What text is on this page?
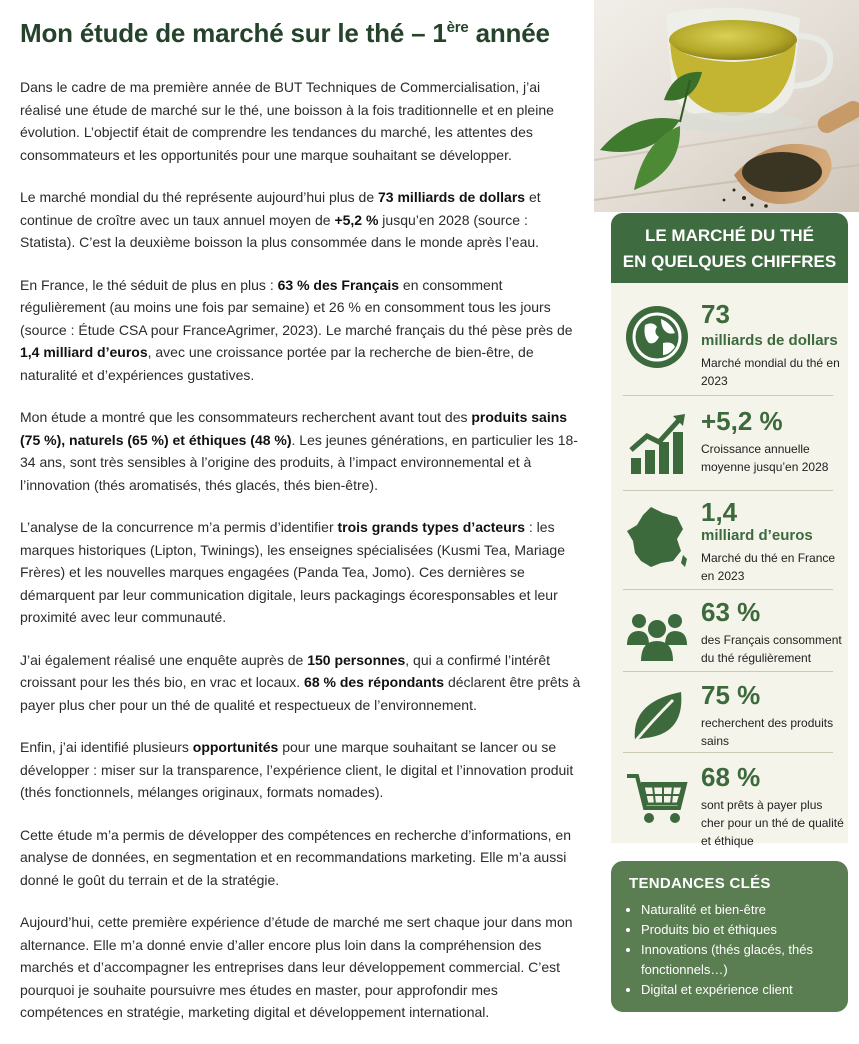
Mon étude de marché sur le thé – 1ère année

Dans le cadre de ma première année de BUT Techniques de Commercialisation, j’ai réalisé une étude de marché sur le thé, une boisson à la fois traditionnelle et en pleine évolution. L’objectif était de comprendre les tendances du marché, les attentes des consommateurs et les opportunités pour une marque souhaitant se développer.

Le marché mondial du thé représente aujourd’hui plus de 73 milliards de dollars et continue de croître avec un taux annuel moyen de +5,2 % jusqu’en 2028 (source : Statista). C’est la deuxième boisson la plus consommée dans le monde après l’eau.

En France, le thé séduit de plus en plus : 63 % des Français en consomment régulièrement (au moins une fois par semaine) et 26 % en consomment tous les jours (source : Étude CSA pour FranceAgrimer, 2023). Le marché français du thé pèse près de 1,4 milliard d’euros, avec une croissance portée par la recherche de bien-être, de naturalité et d’expériences gustatives.

Mon étude a montré que les consommateurs recherchent avant tout des produits sains (75 %), naturels (65 %) et éthiques (48 %). Les jeunes générations, en particulier les 18-34 ans, sont très sensibles à l’origine des produits, à l’impact environnemental et à l’innovation (thés aromatisés, thés glacés, thés bien-être).

L’analyse de la concurrence m’a permis d’identifier trois grands types d’acteurs : les marques historiques (Lipton, Twinings), les enseignes spécialisées (Kusmi Tea, Mariage Frères) et les nouvelles marques engagées (Panda Tea, Jomo). Ces dernières se démarquent par leur communication digitale, leurs packagings écoresponsables et leur proximité avec leur communauté.

J’ai également réalisé une enquête auprès de 150 personnes, qui a confirmé l’intérêt croissant pour les thés bio, en vrac et locaux. 68 % des répondants déclarent être prêts à payer plus cher pour un thé de qualité et respectueux de l’environnement.

Enfin, j’ai identifié plusieurs opportunités pour une marque souhaitant se lancer ou se développer : miser sur la transparence, l’expérience client, le digital et l’innovation produit (thés fonctionnels, mélanges originaux, formats nomades).

Cette étude m’a permis de développer des compétences en recherche d’informations, en analyse de données, en segmentation et en recommandations marketing. Elle m’a aussi donné le goût du terrain et de la stratégie.

Aujourd’hui, cette première expérience d’étude de marché me sert chaque jour dans mon alternance. Elle m’a donné envie d’aller encore plus loin dans la compréhension des marchés et d’accompagner les entreprises dans leur développement commercial. C’est pourquoi je souhaite poursuivre mes études en master, pour approfondir mes compétences en stratégie, marketing digital et développement international.

LE MARCHÉ DU THÉ
EN QUELQUES CHIFFRES
73
milliards de dollars
Marché mondial du thé en 2023
+5,2 %
Croissance annuelle moyenne jusqu’en 2028
1,4
milliard d’euros
Marché du thé en France en 2023
63 %
des Français consomment du thé régulièrement
75 %
recherchent des produits sains
68 %
sont prêts à payer plus cher pour un thé de qualité et éthique
TENDANCES CLÉS
• Naturalité et bien-être
• Produits bio et éthiques
• Innovations (thés glacés, thés fonctionnels…)
• Digital et expérience client
